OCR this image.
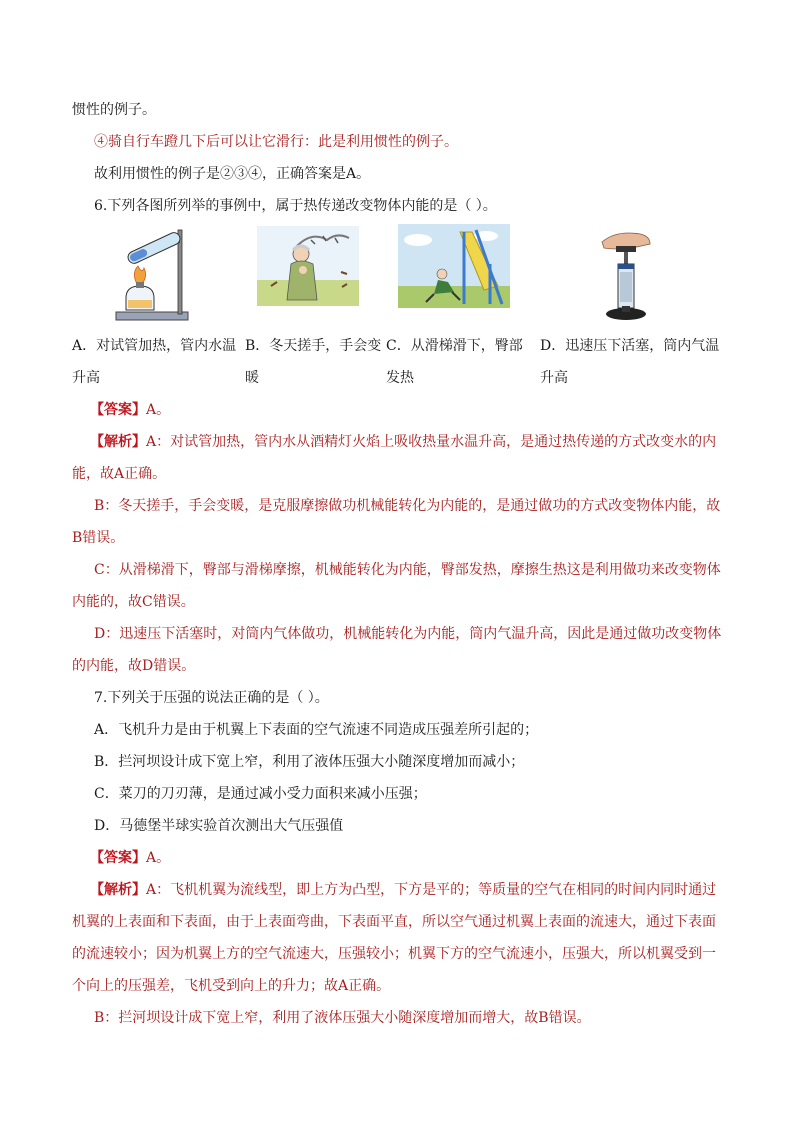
惯性的例子。
④骑自行车蹬几下后可以让它滑行：此是利用惯性的例子。
故利用惯性的例子是②③④，正确答案是A。
6.下列各图所列举的事例中，属于热传递改变物体内能的是（ ）。
A．对试管加热，管内水温
升高
B．冬天搓手，手会变
暖
C．从滑梯滑下，臀部
发热
D．迅速压下活塞，筒内气温
升高
【答案】A。
【解析】A：对试管加热，管内水从酒精灯火焰上吸收热量水温升高，是通过热传递的方式改变水的内
能，故A正确。
B：冬天搓手，手会变暖，是克服摩擦做功机械能转化为内能的，是通过做功的方式改变物体内能，故
B错误。
C：从滑梯滑下，臀部与滑梯摩擦，机械能转化为内能，臀部发热，摩擦生热这是利用做功来改变物体
内能的，故C错误。
D：迅速压下活塞时，对筒内气体做功，机械能转化为内能，筒内气温升高，因此是通过做功改变物体
的内能，故D错误。
7.下列关于压强的说法正确的是（ ）。
A．飞机升力是由于机翼上下表面的空气流速不同造成压强差所引起的；
B．拦河坝设计成下宽上窄，利用了液体压强大小随深度增加而减小；
C．菜刀的刀刃薄，是通过减小受力面积来减小压强；
D．马德堡半球实验首次测出大气压强值
【答案】A。
【解析】A：飞机机翼为流线型，即上方为凸型，下方是平的；等质量的空气在相同的时间内同时通过
机翼的上表面和下表面，由于上表面弯曲，下表面平直，所以空气通过机翼上表面的流速大，通过下表面
的流速较小；因为机翼上方的空气流速大，压强较小；机翼下方的空气流速小，压强大，所以机翼受到一
个向上的压强差，飞机受到向上的升力；故A正确。
B：拦河坝设计成下宽上窄，利用了液体压强大小随深度增加而增大，故B错误。
